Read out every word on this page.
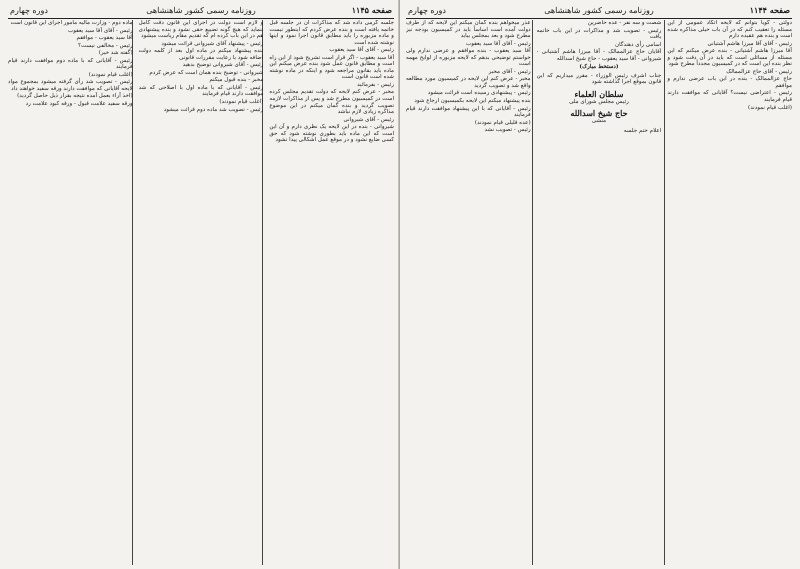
صفحه ۱۱۴۵
روزنامه رسمی کشور شاهنشاهی
دوره چهارم
جلسه گرمی داده شد که مذاکرات آن در جلسه قبل خاتمه یافته است و بنده عرض کردم که اینطور نیست و ماده مزبوره را باید مطابق قانون اجرا نمود و اینها نوشته شده است
رئیس - آقای آقا سید یعقوب
آقا سید یعقوب - اگر قرار است تشریح شود از این راه است و مطابق قانون عمل شود بنده عرض میکنم این ماده باید بقانون مراجعه شود و اینکه در ماده نوشته شده است قانون است
رئیس - بفرمائید
مخبر - عرض کنم لایحه که دولت تقدیم مجلس کرده است در کمیسیون مطرح شد و پس از مذاکرات لازمه تصویب گردید و بنده گمان میکنم در این موضوع مذاکره زیادی لازم نباشد
رئیس - آقای شیروانی
شیروانی - بنده در این لایحه یک نظری دارم و آن این است که این ماده باید بطوری نوشته شود که حق کسی ضایع نشود و در موقع عمل اشکالی پیدا نشود
و لازم است دولت در اجرای این قانون دقت کامل بنماید که هیچ گونه تضییع حقی نشود و بنده پیشنهادی هم در این باب کرده ام که تقدیم مقام ریاست میشود
رئیس - پیشنهاد آقای شیروانی قرائت میشود
بنده پیشنهاد میکنم در ماده اول بعد از کلمه دولت اضافه شود با رعایت مقررات قانونی
رئیس - آقای شیروانی توضیح بدهید
شیروانی - توضیح بنده همان است که عرض کردم
مخبر - بنده قبول میکنم
رئیس - آقایانی که با ماده اول با اصلاحی که شد موافقت دارند قیام فرمایند
(اغلب قیام نمودند)
رئیس - تصویب شد ماده دوم قرائت میشود
ماده دوم - وزارت مالیه مأمور اجرای این قانون است
رئیس - آقای آقا سید یعقوب
آقا سید یعقوب - موافقم
رئیس - مخالفی نیست؟
(گفته شد خیر)
رئیس - آقایانی که با ماده دوم موافقت دارند قیام فرمایند
(اغلب قیام نمودند)
رئیس - تصویب شد رأی گرفته میشود بمجموع مواد لایحه آقایانی که موافقت دارند ورقه سفید خواهند داد
(اخذ آراء بعمل آمده نتیجه بقرار ذیل حاصل گردید)
ورقه سفید علامت قبول - ورقه کبود علامت رد
صفحه ۱۱۴۴
روزنامه رسمی کشور شاهنشاهی
دوره چهارم
دولتی - گویا بتوانم که لایحه اتکاد عمومی از این مسئله را تعقیب کنم که در آن باب خیلی مذاکره شده است و بنده هم عقیده دارم
رئیس - آقای آقا میرزا هاشم آشتیانی
آقا میرزا هاشم آشتیانی - بنده عرض میکنم که این مسئله از مسائلی است که باید در آن دقت شود و نظر بنده این است که در کمیسیون مجدداً مطرح شود
رئیس - آقای حاج عزالممالک
حاج عزالممالک - بنده در این باب عرضی ندارم و موافقم
رئیس - اعتراضی نیست؟ آقایانی که موافقت دارند قیام فرمایند
(اغلب قیام نمودند)
شصت و سه نفر - عده حاضرین
رئیس - تصویب شد و مذاکرات در این باب خاتمه یافت
اسامی رأی دهندگان
آقایان حاج عزالممالک - آقا میرزا هاشم آشتیانی - شیروانی - آقا سید یعقوب - حاج شیخ اسدالله
(دستخط مبارک)
جناب اشرف رئیس الوزراء - مقرر میداریم که این قانون بموقع اجرا گذاشته شود
سلطان العلماء
رئیس مجلس شورای ملی
حاج شیخ اسدالله
منشی
اعلام ختم جلسه
عذر میخواهم بنده گمان میکنم این لایحه که از طرف دولت آمده است اساساً باید در کمیسیون بودجه نیز مطرح شود و بعد بمجلس بیاید
رئیس - آقای آقا سید یعقوب
آقا سید یعقوب - بنده موافقم و عرضی ندارم ولی خواستم توضیحی بدهم که لایحه مزبوره از لوایح مهمه است
رئیس - آقای مخبر
مخبر - عرض کنم این لایحه در کمیسیون مورد مطالعه واقع شد و تصویب گردید
رئیس - پیشنهادی رسیده است قرائت میشود
بنده پیشنهاد میکنم این لایحه بکمیسیون ارجاع شود
رئیس - آقایانی که با این پیشنهاد موافقت دارند قیام فرمایند
(عده قلیلی قیام نمودند)
رئیس - تصویب نشد
